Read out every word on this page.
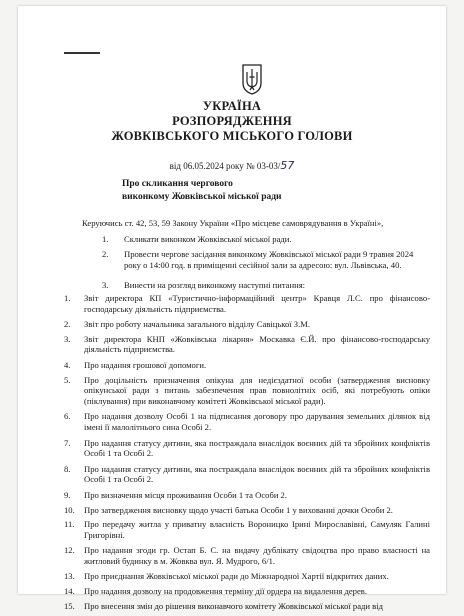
УКРАЇНА
РОЗПОРЯДЖЕННЯ
ЖОВКІВСЬКОГО МІСЬКОГО ГОЛОВИ
від 06.05.2024 року № 03-03/57
Про скликання чергового
виконкому Жовківської міської ради
Керуючись ст. 42, 53, 59 Закону України «Про місцеве самоврядування в Україні»,
1. Скликати виконком Жовківської міської ради.
2. Провести чергове засідання виконкому Жовківської міської ради 9 травня 2024 року о 14:00 год. в приміщенні сесійної зали за адресою: вул. Львівська, 40.
3. Винести на розгляд виконкому наступні питання:
1. Звіт директора КП «Туристично-інформаційний центр» Кравця Л.С. про фінансово-господарську діяльність підприємства.
2. Звіт про роботу начальника загального відділу Савіцької З.М.
3. Звіт директора КНП «Жовківська лікарня» Москавка Є.Й. про фінансово-господарську діяльність підприємства.
4. Про надання грошової допомоги.
5. Про доцільність призначення опікуна для недієздатної особи (затвердження висновку опікунської ради з питань забезпечення прав повнолітніх осіб, які потребують опіки (піклування) при виконавчому комітеті Жовківської міської ради).
6. Про надання дозволу Особі 1 на підписання договору про дарування земельних ділянок від імені її малолітнього сина Особі 2.
7. Про надання статусу дитини, яка постраждала внаслідок воєнних дій та збройних конфліктів Особі 1 та Особі 2.
8. Про надання статусу дитини, яка постраждала внаслідок воєнних дій та збройних конфліктів Особі 1 та Особі 2.
9. Про визначення місця проживання Особи 1 та Особи 2.
10. Про затвердження висновку щодо участі батька Особи 1 у вихованні дочки Особи 2.
11. Про передачу житла у приватну власність Вороницко Ірині Мирославівні, Самуляк Галині Григорівні.
12. Про надання згоди гр. Остап Б. С. на видачу дублікату свідоцтва про право власності на житловий будинку в м. Жовква вул. Я. Мудрого, 6/1.
13. Про приєднання Жовківської міської ради до Міжнародної Хартії відкритих даних.
14. Про надання дозволу на продовження терміну дії ордера на видалення дерев.
15. Про внесення змін до рішення виконавчого комітету Жовківської міської ради від
